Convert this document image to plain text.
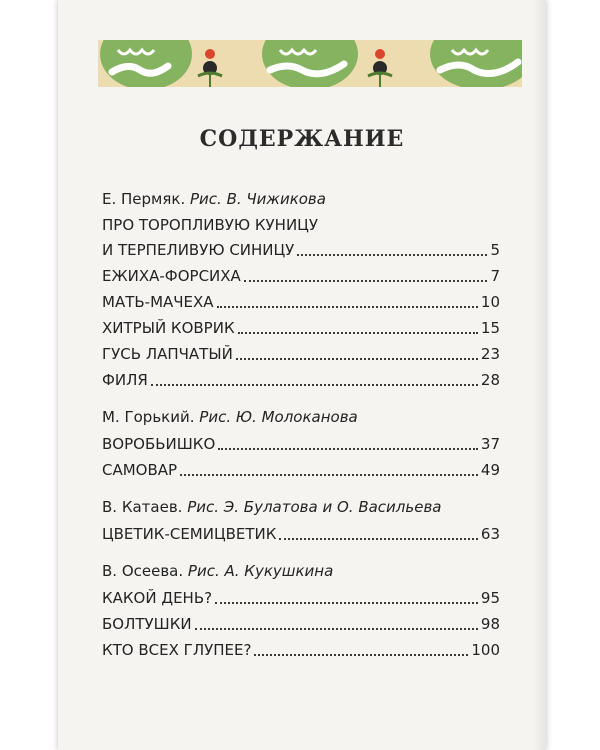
СОДЕРЖАНИЕ
Е. Пермяк. Рис. В. Чижикова
ПРО ТОРОПЛИВУЮ КУНИЦУ
И ТЕРПЕЛИВУЮ СИНИЦУ	5
ЕЖИХА-ФОРСИХА	7
МАТЬ-МАЧЕХА	10
ХИТРЫЙ КОВРИК	15
ГУСЬ ЛАПЧАТЫЙ	23
ФИЛЯ	28
М. Горький. Рис. Ю. Молоканова
ВОРОБЬИШКО	37
САМОВАР	49
В. Катаев. Рис. Э. Булатова и О. Васильева
ЦВЕТИК-СЕМИЦВЕТИК	63
В. Осеева. Рис. А. Кукушкина
КАКОЙ ДЕНЬ?	95
БОЛТУШКИ	98
КТО ВСЕХ ГЛУПЕЕ?	100
